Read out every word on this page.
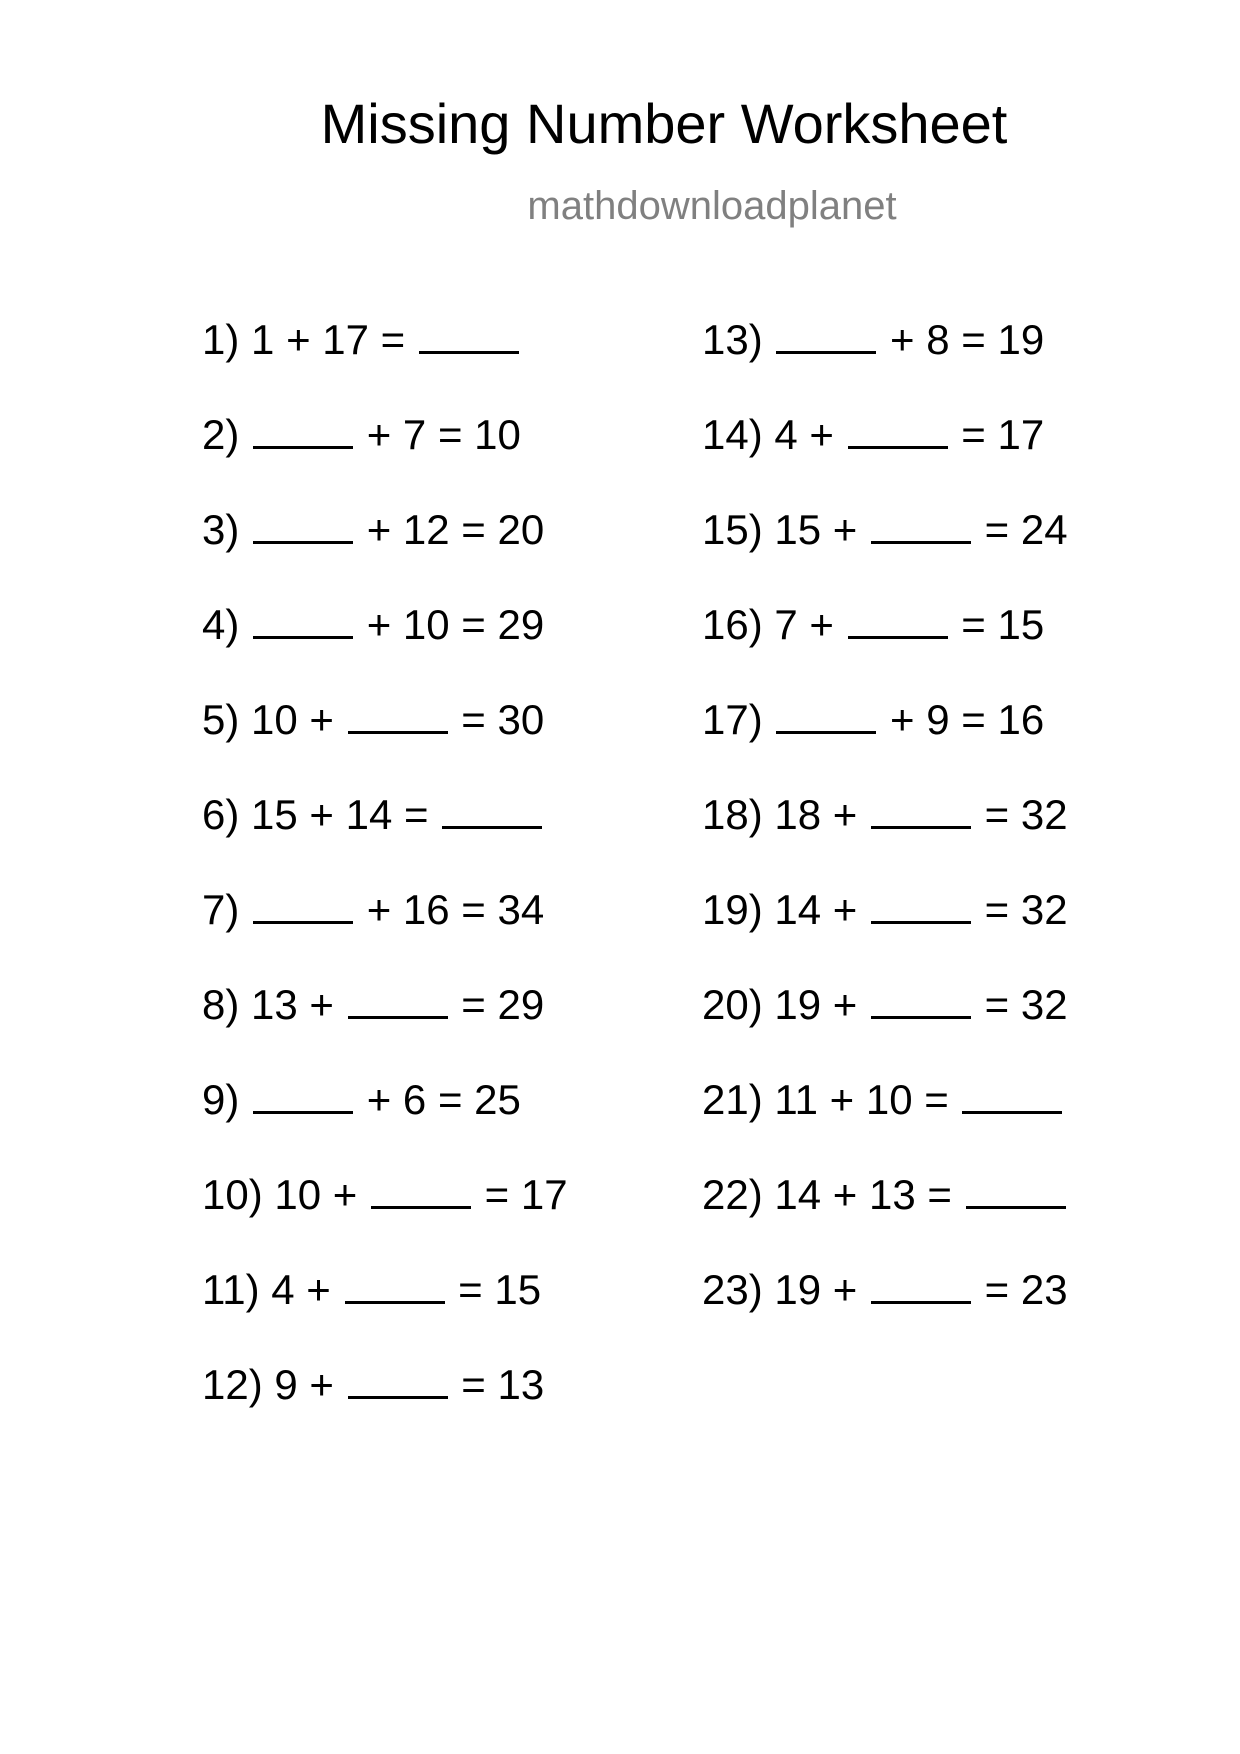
Missing Number Worksheet
mathdownloadplanet
1) 1 + 17 =
2)	+ 7 = 10
3)	+ 12 = 20
4)	+ 10 = 29
5) 10 +	= 30
6) 15 + 14 =
7)	+ 16 = 34
8) 13 +	= 29
9)	+ 6 = 25
10) 10 +	= 17
11) 4 +	= 15
12) 9 +	= 13
13)	+ 8 = 19
14) 4 +	= 17
15) 15 +	= 24
16) 7 +	= 15
17)	+ 9 = 16
18) 18 +	= 32
19) 14 +	= 32
20) 19 +	= 32
21) 11 + 10 =
22) 14 + 13 =
23) 19 +	= 23
